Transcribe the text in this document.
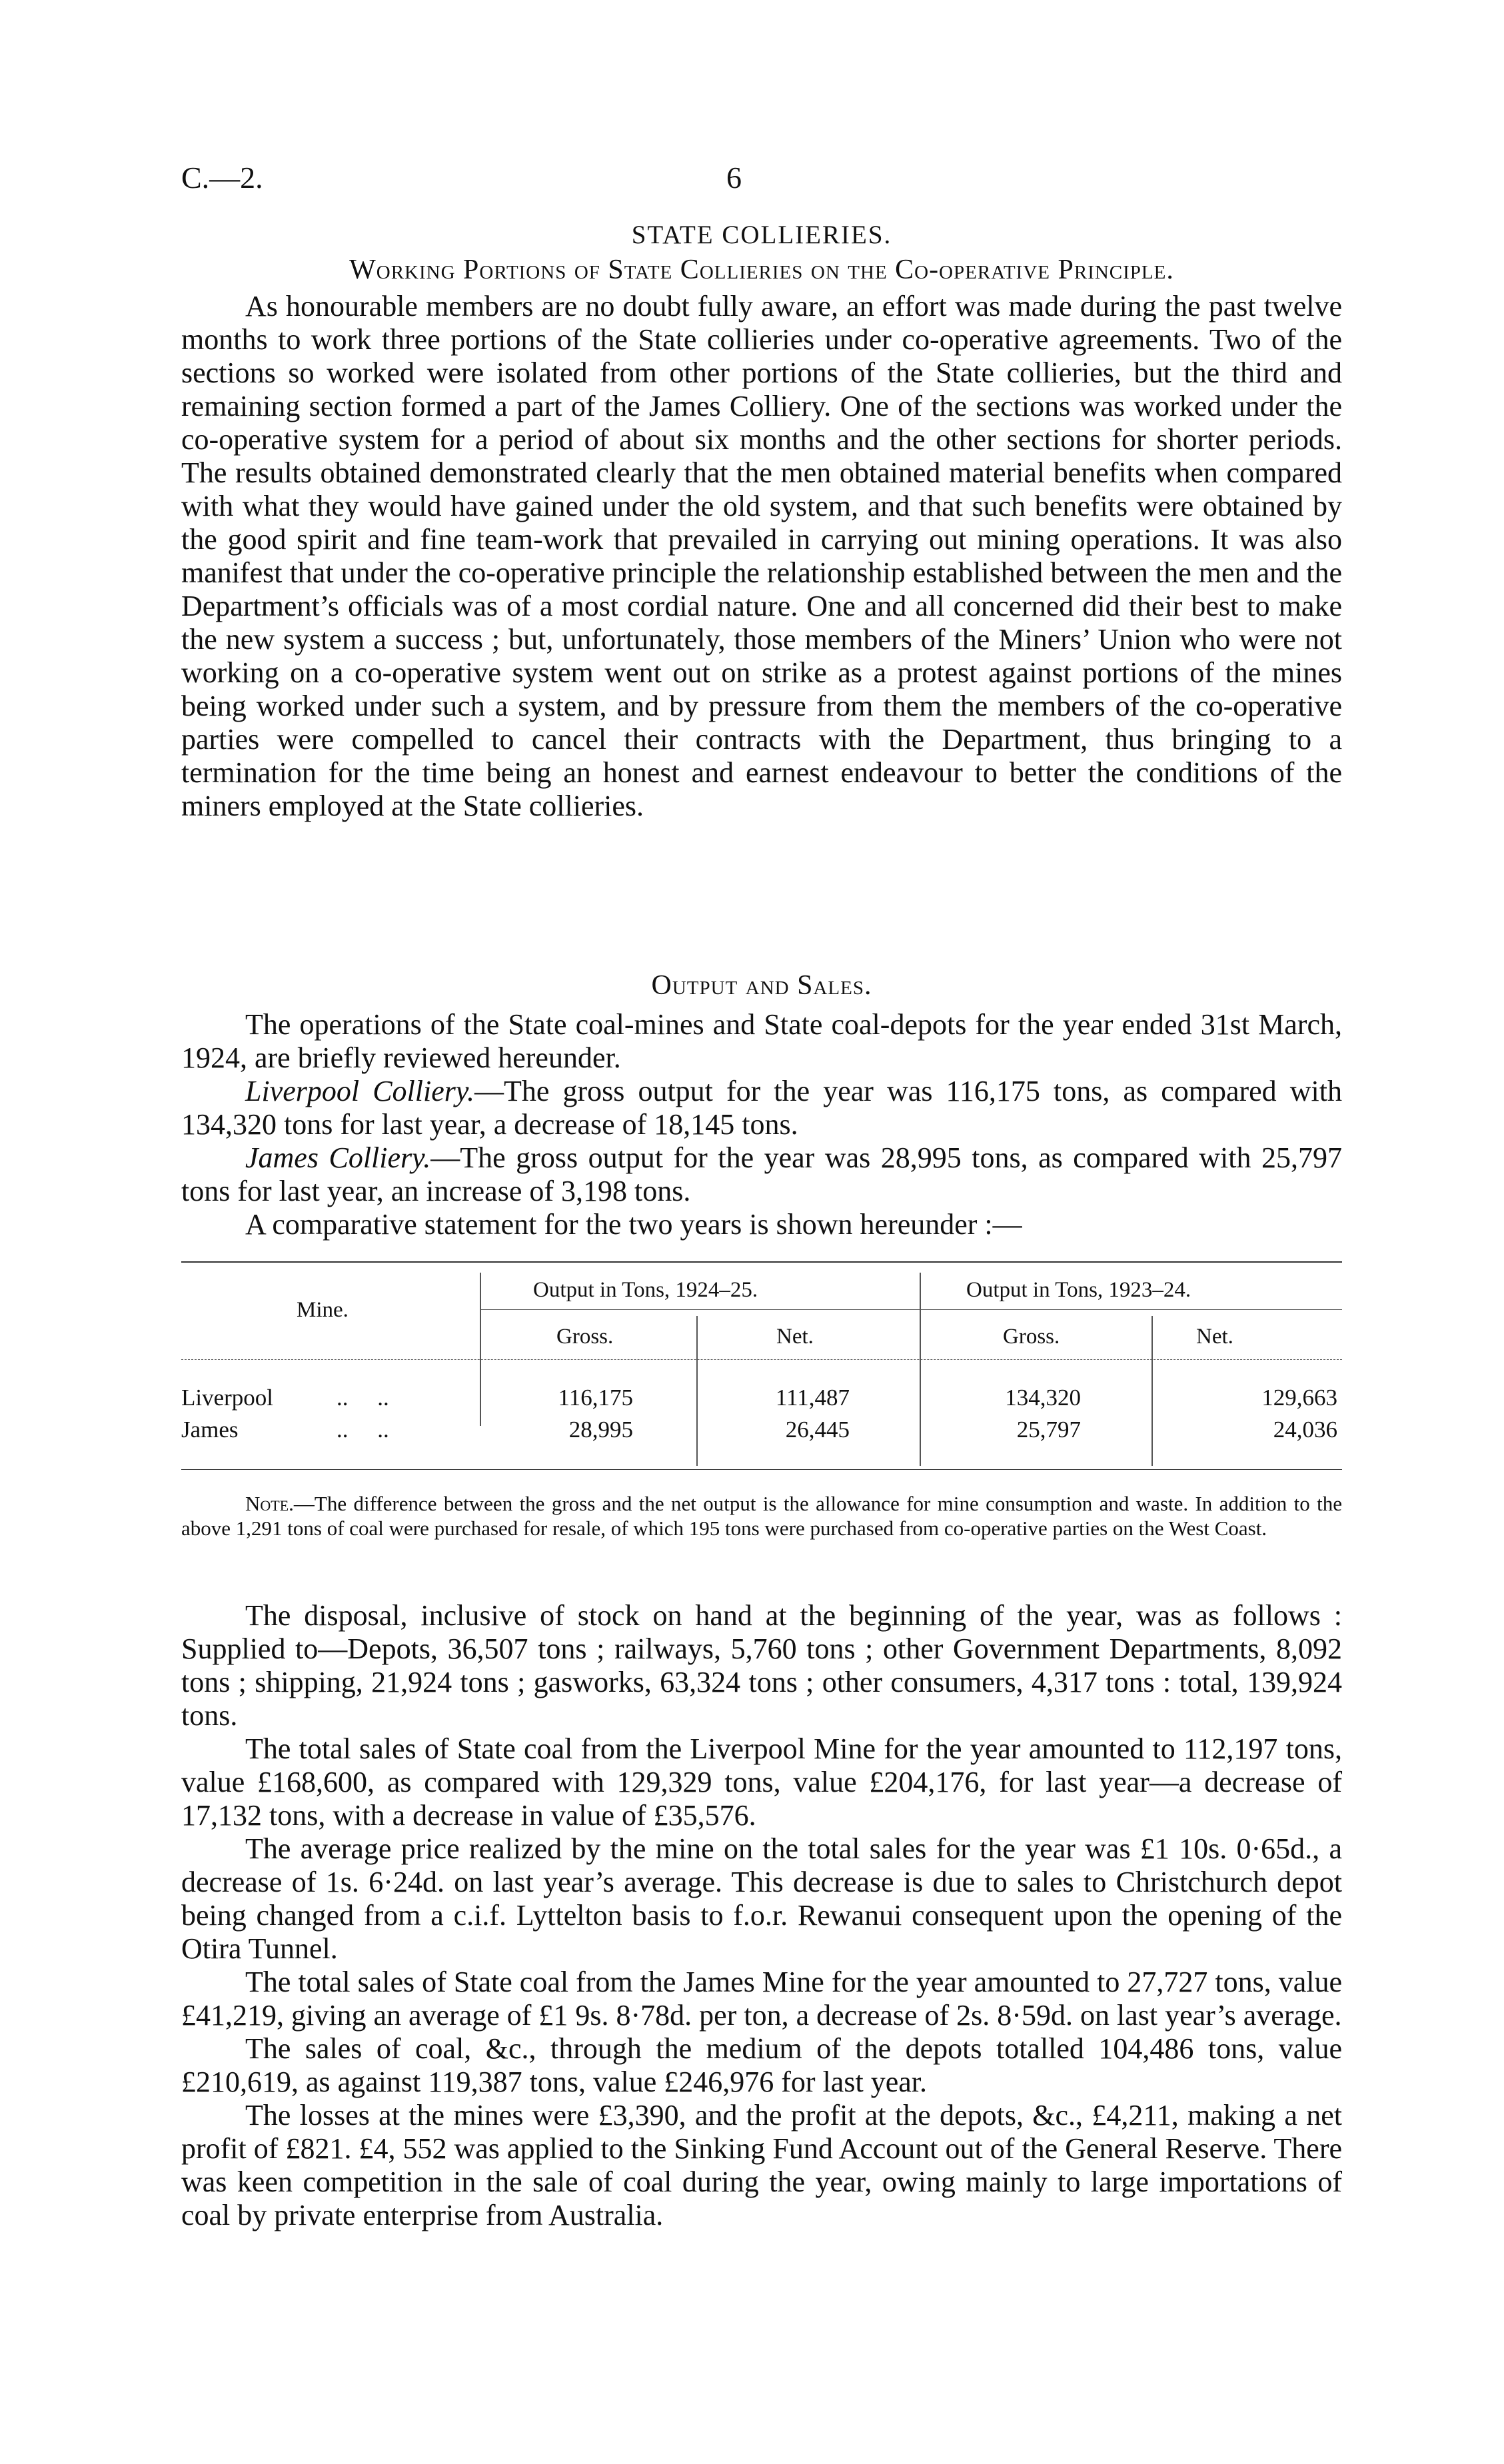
C.—2.	6
STATE COLLIERIES.
Working Portions of State Collieries on the Co-operative Principle.

As honourable members are no doubt fully aware, an effort was made during the past twelve months to work three portions of the State collieries under co-operative agreements. Two of the sections so worked were isolated from other portions of the State collieries, but the third and remaining section formed a part of the James Colliery. One of the sections was worked under the co-operative system for a period of about six months and the other sections for shorter periods. The results obtained demonstrated clearly that the men obtained material benefits when compared with what they would have gained under the old system, and that such benefits were obtained by the good spirit and fine team-work that prevailed in carrying out mining operations. It was also manifest that under the co-operative principle the relationship established between the men and the Department’s officials was of a most cordial nature. One and all concerned did their best to make the new system a success ; but, unfortunately, those members of the Miners’ Union who were not working on a co-operative system went out on strike as a protest against portions of the mines being worked under such a system, and by pressure from them the members of the co-operative parties were compelled to cancel their contracts with the Department, thus bringing to a termination for the time being an honest and earnest endeavour to better the conditions of the miners employed at the State collieries.

Output and Sales.

The operations of the State coal-mines and State coal-depots for the year ended 31st March, 1924, are briefly reviewed hereunder.

Liverpool Colliery.—The gross output for the year was 116,175 tons, as compared with 134,320 tons for last year, a decrease of 18,145 tons.

James Colliery.—The gross output for the year was 28,995 tons, as compared with 25,797 tons for last year, an increase of 3,198 tons.

A comparative statement for the two years is shown hereunder :—

Mine.
Output in Tons, 1924–25.	Output in Tons, 1923–24.
Gross.	Net.	Gross.	Net.
Liverpool	..     ..	116,175	111,487	134,320	129,663
James	..     ..	28,995	26,445	25,797	24,036

Note.—The difference between the gross and the net output is the allowance for mine consumption and waste. In addition to the above 1,291 tons of coal were purchased for resale, of which 195 tons were purchased from co-operative parties on the West Coast.

The disposal, inclusive of stock on hand at the beginning of the year, was as follows : Supplied to—Depots, 36,507 tons ; railways, 5,760 tons ; other Government Departments, 8,092 tons ; shipping, 21,924 tons ; gasworks, 63,324 tons ; other consumers, 4,317 tons : total, 139,924 tons.

The total sales of State coal from the Liverpool Mine for the year amounted to 112,197 tons, value £168,600, as compared with 129,329 tons, value £204,176, for last year—a decrease of 17,132 tons, with a decrease in value of £35,576.

The average price realized by the mine on the total sales for the year was £1 10s. 0·65d., a decrease of 1s. 6·24d. on last year’s average. This decrease is due to sales to Christchurch depot being changed from a c.i.f. Lyttelton basis to f.o.r. Rewanui consequent upon the opening of the Otira Tunnel.

The total sales of State coal from the James Mine for the year amounted to 27,727 tons, value £41,219, giving an average of £1 9s. 8·78d. per ton, a decrease of 2s. 8·59d. on last year’s average.

The sales of coal, &c., through the medium of the depots totalled 104,486 tons, value £210,619, as against 119,387 tons, value £246,976 for last year.

The losses at the mines were £3,390, and the profit at the depots, &c., £4,211, making a net profit of £821. £4, 552 was applied to the Sinking Fund Account out of the General Reserve. There was keen competition in the sale of coal during the year, owing mainly to large importations of coal by private enterprise from Australia.
